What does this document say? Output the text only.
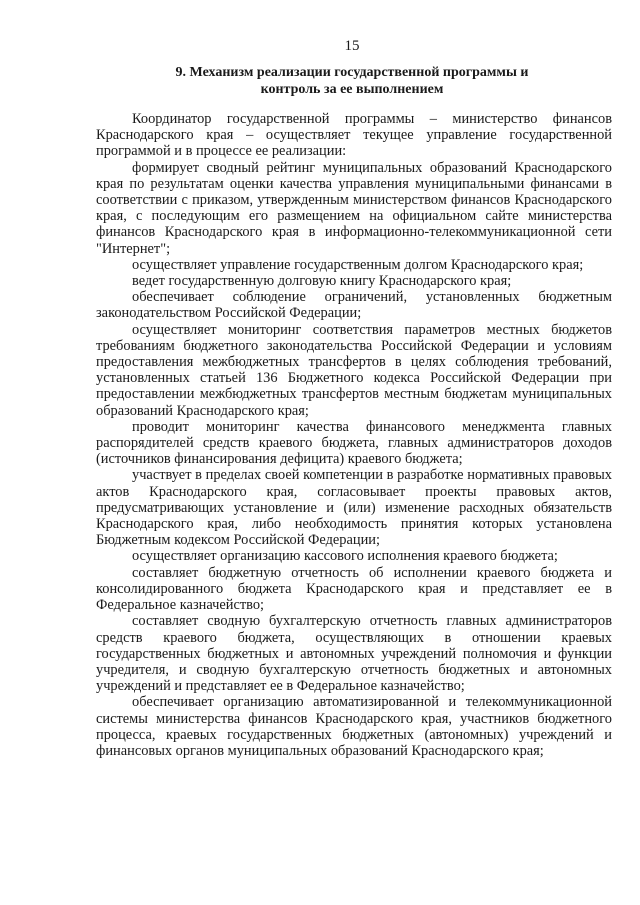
15
9. Механизм реализации государственной программы и
контроль за ее выполнением

Координатор государственной программы – министерство финансов Краснодарского края – осуществляет текущее управление государственной программой и в процессе ее реализации:

формирует сводный рейтинг муниципальных образований Краснодарского края по результатам оценки качества управления муниципальными финансами в соответствии с приказом, утвержденным министерством финансов Краснодарского края, с последующим его размещением на официальном сайте министерства финансов Краснодарского края в информационно-телекоммуникационной сети "Интернет";

осуществляет управление государственным долгом Краснодарского края;

ведет государственную долговую книгу Краснодарского края;

обеспечивает соблюдение ограничений, установленных бюджетным законодательством Российской Федерации;

осуществляет мониторинг соответствия параметров местных бюджетов требованиям бюджетного законодательства Российской Федерации и условиям предоставления межбюджетных трансфертов в целях соблюдения требований, установленных статьей 136 Бюджетного кодекса Российской Федерации при предоставлении межбюджетных трансфертов местным бюджетам муниципальных образований Краснодарского края;

проводит мониторинг качества финансового менеджмента главных распорядителей средств краевого бюджета, главных администраторов доходов (источников финансирования дефицита) краевого бюджета;

участвует в пределах своей компетенции в разработке нормативных правовых актов Краснодарского края, согласовывает проекты правовых актов, предусматривающих установление и (или) изменение расходных обязательств Краснодарского края, либо необходимость принятия которых установлена Бюджетным кодексом Российской Федерации;

осуществляет организацию кассового исполнения краевого бюджета;

составляет бюджетную отчетность об исполнении краевого бюджета и консолидированного бюджета Краснодарского края и представляет ее в Федеральное казначейство;

составляет сводную бухгалтерскую отчетность главных администраторов средств краевого бюджета, осуществляющих в отношении краевых государственных бюджетных и автономных учреждений полномочия и функции учредителя, и сводную бухгалтерскую отчетность бюджетных и автономных учреждений и представляет ее в Федеральное казначейство;

обеспечивает организацию автоматизированной и телекоммуникационной системы министерства финансов Краснодарского края, участников бюджетного процесса, краевых государственных бюджетных (автономных) учреждений и финансовых органов муниципальных образований Краснодарского края;
